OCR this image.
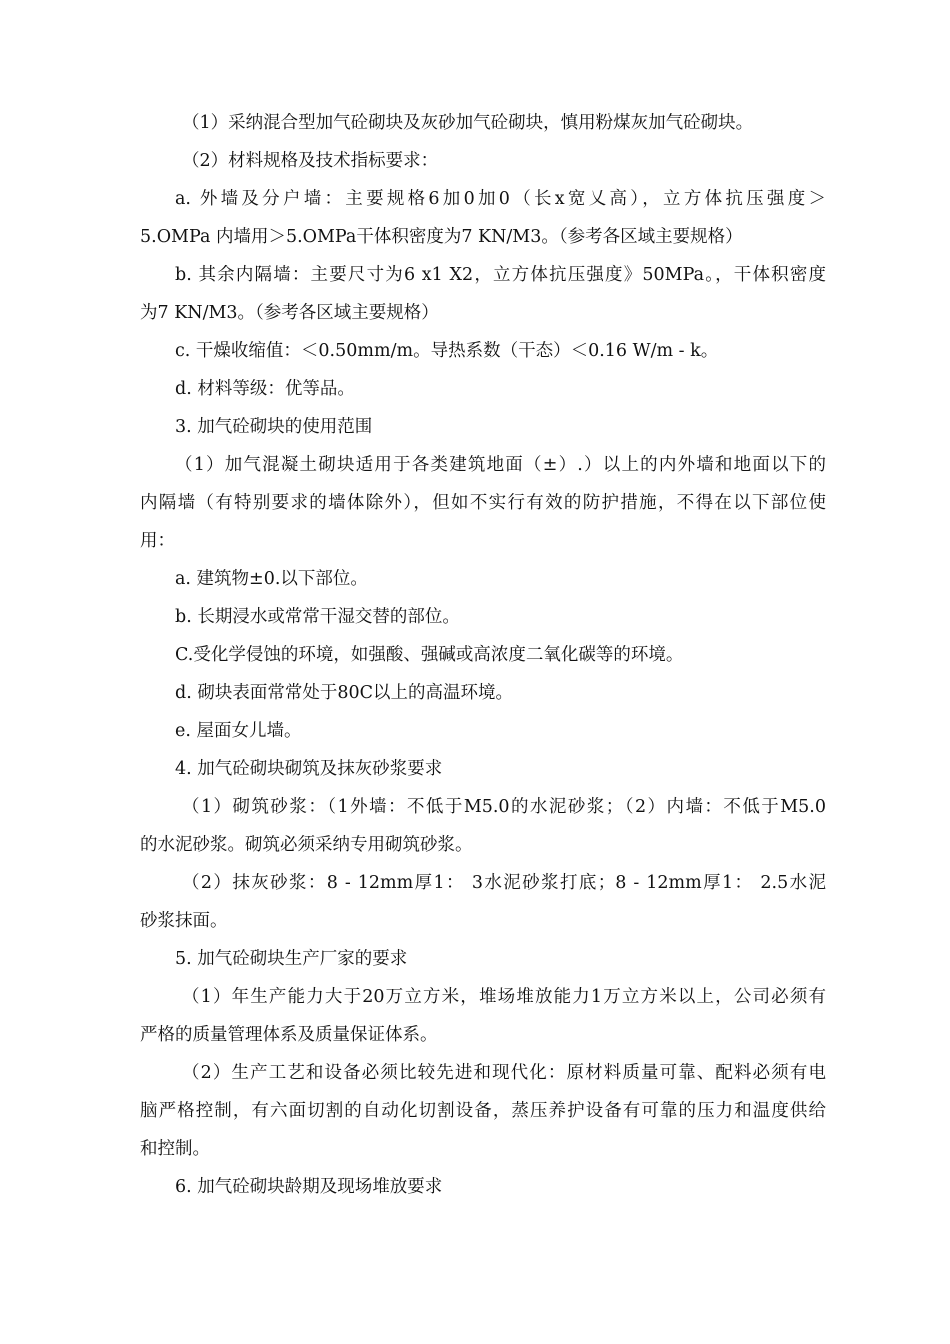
（1）采纳混合型加气砼砌块及灰砂加气砼砌块，慎用粉煤灰加气砼砌块。

（2）材料规格及技术指标要求：

a. 外墙及分户墙：主要规格6加0加0（长x宽乂高），立方体抗压强度＞
5.OMPa 内墙用＞5.OMPa干体积密度为7 KN/M3。（参考各区域主要规格）

b. 其余内隔墙：主要尺寸为6 x1 X2，立方体抗压强度》50MPa。，干体积密度
为7 KN/M3。（参考各区域主要规格）

c. 干燥收缩值：＜0.50mm/m。导热系数（干态）＜0.16 W/m - k。

d. 材料等级：优等品。

3. 加气砼砌块的使用范围

（1）加气混凝土砌块适用于各类建筑地面（±）.）以上的内外墙和地面以下的
内隔墙（有特别要求的墙体除外），但如不实行有效的防护措施，不得在以下部位使
用：

a. 建筑物±0.以下部位。

b. 长期浸水或常常干湿交替的部位。

C.受化学侵蚀的环境，如强酸、强碱或高浓度二氧化碳等的环境。

d. 砌块表面常常处于80C以上的高温环境。

e. 屋面女儿墙。

4. 加气砼砌块砌筑及抹灰砂浆要求

（1）砌筑砂浆：（1外墙：不低于M5.0的水泥砂浆；（2）内墙：不低于M5.0
的水泥砂浆。砌筑必须采纳专用砌筑砂浆。

（2）抹灰砂浆：8 - 12mm厚1： 3水泥砂浆打底；8 - 12mm厚1： 2.5水泥
砂浆抹面。

5. 加气砼砌块生产厂家的要求

（1）年生产能力大于20万立方米，堆场堆放能力1万立方米以上，公司必须有
严格的质量管理体系及质量保证体系。

（2）生产工艺和设备必须比较先进和现代化：原材料质量可靠、配料必须有电
脑严格控制，有六面切割的自动化切割设备，蒸压养护设备有可靠的压力和温度供给
和控制。

6. 加气砼砌块龄期及现场堆放要求
